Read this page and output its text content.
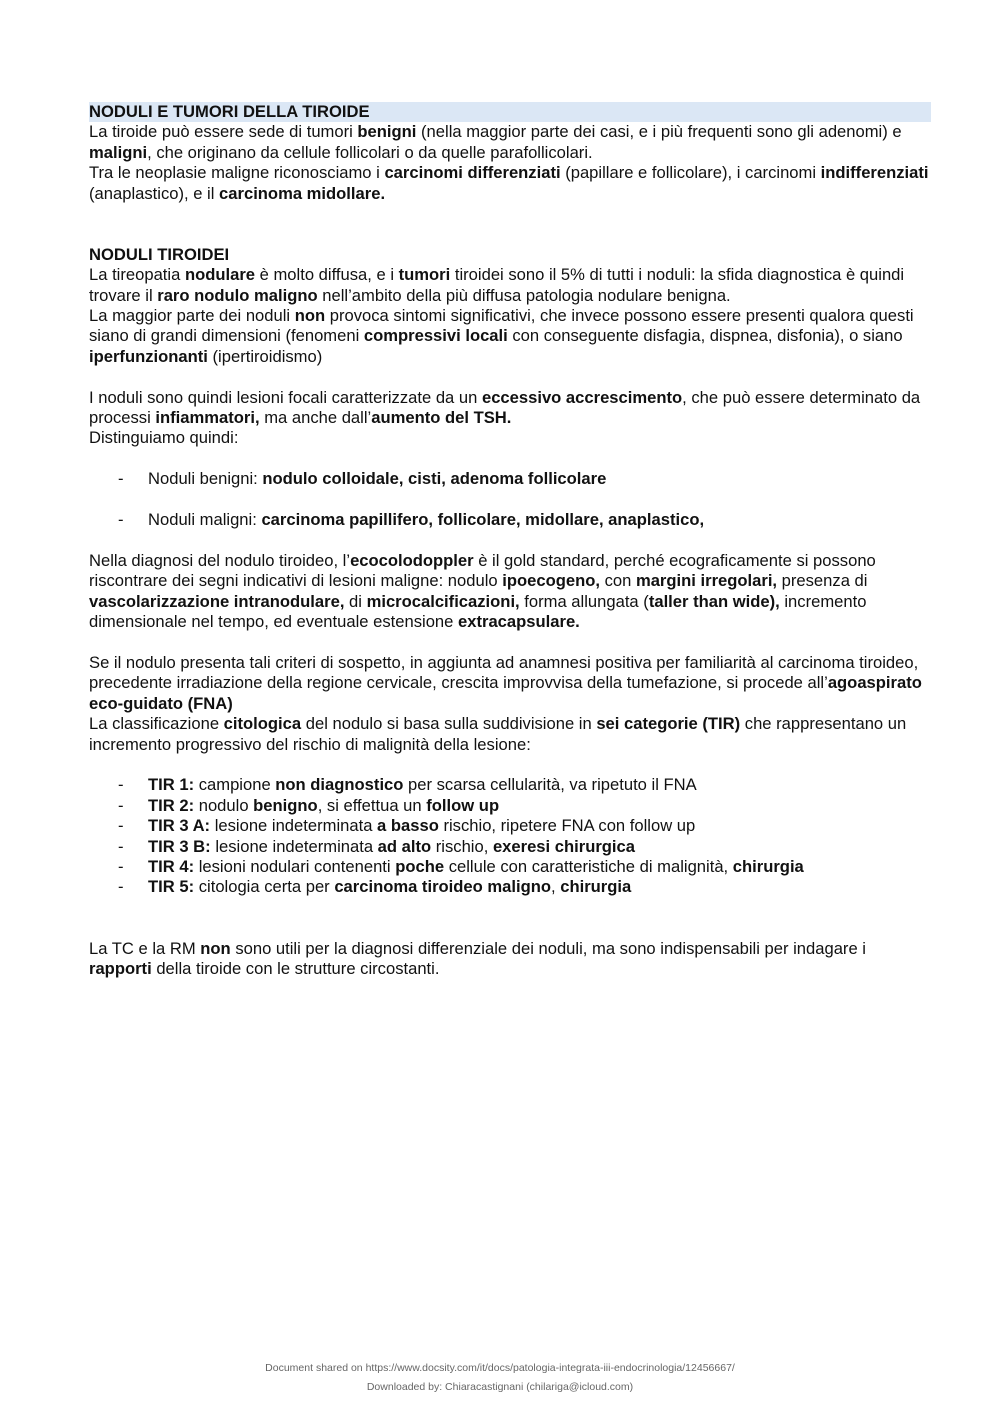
NODULI E TUMORI DELLA TIROIDE

La tiroide può essere sede di tumori benigni (nella maggior parte dei casi, e i più frequenti sono gli adenomi) e maligni, che originano da cellule follicolari o da quelle parafollicolari.

Tra le neoplasie maligne riconosciamo i carcinomi differenziati (papillare e follicolare), i carcinomi indifferenziati (anaplastico), e il carcinoma midollare.

NODULI TIROIDEI

La tireopatia nodulare è molto diffusa, e i tumori tiroidei sono il 5% di tutti i noduli: la sfida diagnostica è quindi trovare il raro nodulo maligno nell’ambito della più diffusa patologia nodulare benigna.

La maggior parte dei noduli non provoca sintomi significativi, che invece possono essere presenti qualora questi siano di grandi dimensioni (fenomeni compressivi locali con conseguente disfagia, dispnea, disfonia), o siano iperfunzionanti (ipertiroidismo)

I noduli sono quindi lesioni focali caratterizzate da un eccessivo accrescimento, che può essere determinato da processi infiammatori, ma anche dall’aumento del TSH.

Distinguiamo quindi:

- Noduli benigni: nodulo colloidale, cisti, adenoma follicolare
- Noduli maligni: carcinoma papillifero, follicolare, midollare, anaplastico,

Nella diagnosi del nodulo tiroideo, l’ecocolodoppler è il gold standard, perché ecograficamente si possono riscontrare dei segni indicativi di lesioni maligne: nodulo ipoecogeno, con margini irregolari, presenza di vascolarizzazione intranodulare, di microcalcificazioni, forma allungata (taller than wide), incremento dimensionale nel tempo, ed eventuale estensione extracapsulare.

Se il nodulo presenta tali criteri di sospetto, in aggiunta ad anamnesi positiva per familiarità al carcinoma tiroideo, precedente irradiazione della regione cervicale, crescita improvvisa della tumefazione, si procede all’agoaspirato eco-guidato (FNA)

La classificazione citologica del nodulo si basa sulla suddivisione in sei categorie (TIR) che rappresentano un incremento progressivo del rischio di malignità della lesione:

- TIR 1: campione non diagnostico per scarsa cellularità, va ripetuto il FNA
- TIR 2: nodulo benigno, si effettua un follow up
- TIR 3 A: lesione indeterminata a basso rischio, ripetere FNA con follow up
- TIR 3 B: lesione indeterminata ad alto rischio, exeresi chirurgica
- TIR 4: lesioni nodulari contenenti poche cellule con caratteristiche di malignità, chirurgia
- TIR 5: citologia certa per carcinoma tiroideo maligno, chirurgia

La TC e la RM non sono utili per la diagnosi differenziale dei noduli, ma sono indispensabili per indagare i rapporti della tiroide con le strutture circostanti.

Document shared on https://www.docsity.com/it/docs/patologia-integrata-iii-endocrinologia/12456667/
Downloaded by: Chiaracastignani (chilariga@icloud.com)
